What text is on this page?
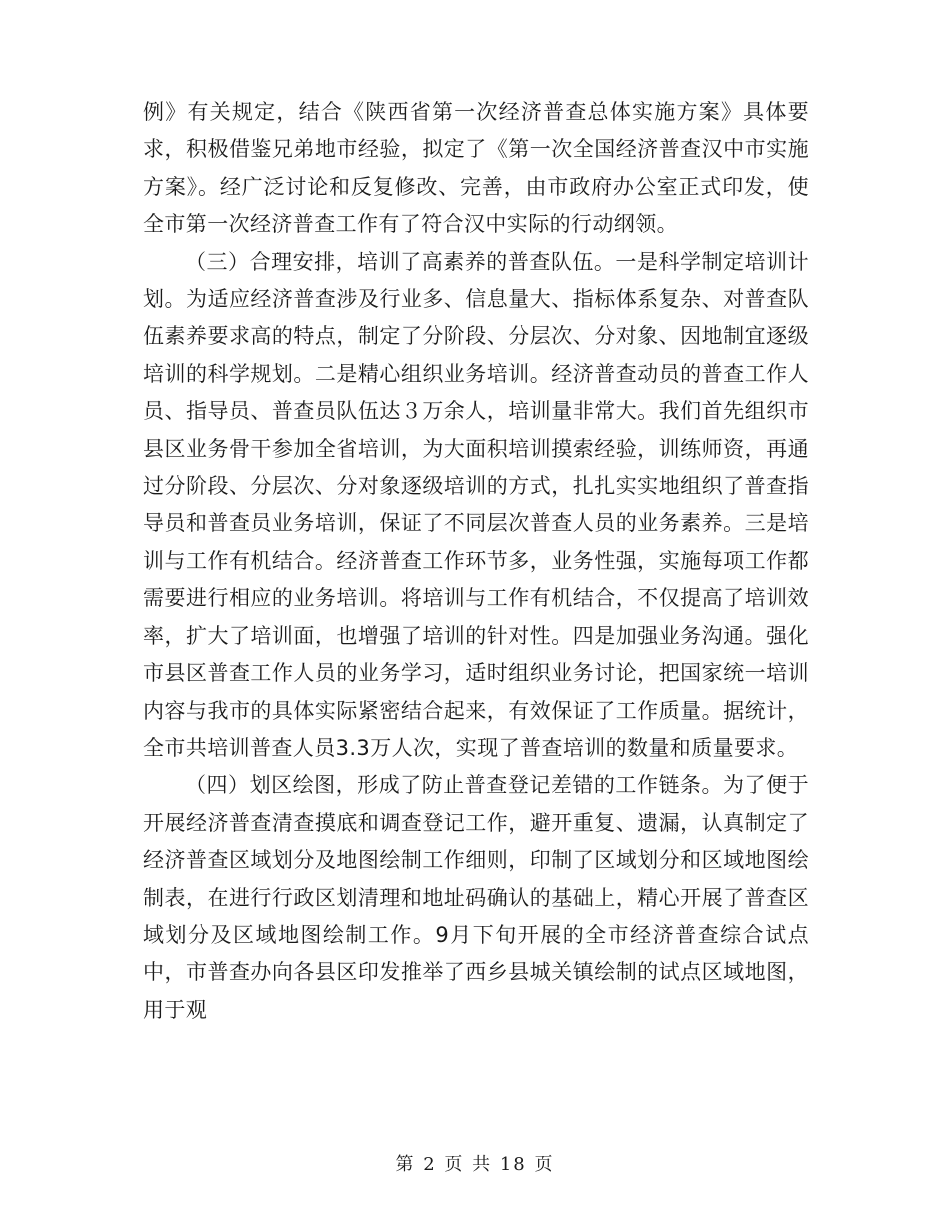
例》有关规定，结合《陕西省第一次经济普查总体实施方案》具体要求，积极借鉴兄弟地市经验，拟定了《第一次全国经济普查汉中市实施方案》。经广泛讨论和反复修改、完善，由市政府办公室正式印发，使全市第一次经济普查工作有了符合汉中实际的行动纲领。

（三）合理安排，培训了高素养的普查队伍。一是科学制定培训计划。为适应经济普查涉及行业多、信息量大、指标体系复杂、对普查队伍素养要求高的特点，制定了分阶段、分层次、分对象、因地制宜逐级培训的科学规划。二是精心组织业务培训。经济普查动员的普查工作人员、指导员、普查员队伍达３万余人，培训量非常大。我们首先组织市县区业务骨干参加全省培训，为大面积培训摸索经验，训练师资，再通过分阶段、分层次、分对象逐级培训的方式，扎扎实实地组织了普查指导员和普查员业务培训，保证了不同层次普查人员的业务素养。三是培训与工作有机结合。经济普查工作环节多，业务性强，实施每项工作都需要进行相应的业务培训。将培训与工作有机结合，不仅提高了培训效率，扩大了培训面，也增强了培训的针对性。四是加强业务沟通。强化市县区普查工作人员的业务学习，适时组织业务讨论，把国家统一培训内容与我市的具体实际紧密结合起来，有效保证了工作质量。据统计，全市共培训普查人员3.3万人次，实现了普查培训的数量和质量要求。

（四）划区绘图，形成了防止普查登记差错的工作链条。为了便于开展经济普查清查摸底和调查登记工作，避开重复、遗漏，认真制定了经济普查区域划分及地图绘制工作细则，印制了区域划分和区域地图绘制表，在进行行政区划清理和地址码确认的基础上，精心开展了普查区域划分及区域地图绘制工作。9月下旬开展的全市经济普查综合试点中，市普查办向各县区印发推举了西乡县城关镇绘制的试点区域地图，用于观

第 2 页 共 18 页
